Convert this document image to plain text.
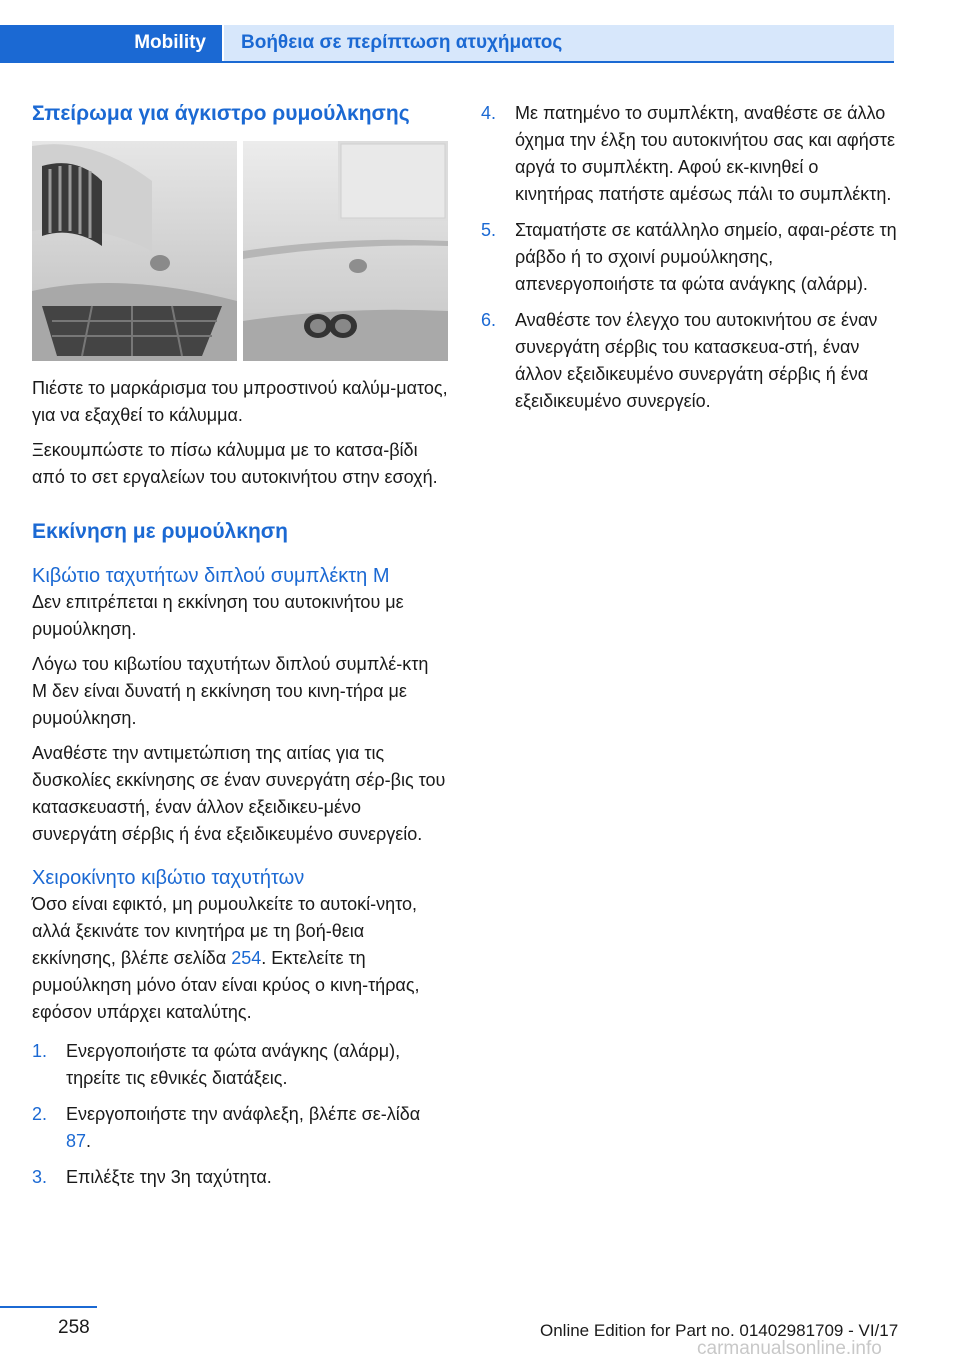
Mobility Βοήθεια σε περίπτωση ατυχήματος
Σπείρωμα για άγκιστρο ρυμούλκησης

Πιέστε το μαρκάρισμα του μπροστινού καλύμ-ματος, για να εξαχθεί το κάλυμμα.

Ξεκουμπώστε το πίσω κάλυμμα με το κατσα-βίδι από το σετ εργαλείων του αυτοκινήτου στην εσοχή.

Εκκίνηση με ρυμούλκηση
Κιβώτιο ταχυτήτων διπλού συμπλέκτη M

Δεν επιτρέπεται η εκκίνηση του αυτοκινήτου με ρυμούλκηση.

Λόγω του κιβωτίου ταχυτήτων διπλού συμπλέ-κτη M δεν είναι δυνατή η εκκίνηση του κινη-τήρα με ρυμούλκηση.

Αναθέστε την αντιμετώπιση της αιτίας για τις δυσκολίες εκκίνησης σε έναν συνεργάτη σέρ-βις του κατασκευαστή, έναν άλλον εξειδικευ-μένο συνεργάτη σέρβις ή ένα εξειδικευμένο συνεργείο.

Χειροκίνητο κιβώτιο ταχυτήτων

Όσο είναι εφικτό, μη ρυμουλκείτε το αυτοκί-νητο, αλλά ξεκινάτε τον κινητήρα με τη βοή-θεια εκκίνησης, βλέπε σελίδα 254. Εκτελείτε τη ρυμούλκηση μόνο όταν είναι κρύος ο κινη-τήρας, εφόσον υπάρχει καταλύτης.

1. Ενεργοποιήστε τα φώτα ανάγκης (αλάρμ), τηρείτε τις εθνικές διατάξεις.
2. Ενεργοποιήστε την ανάφλεξη, βλέπε σε-λίδα 87.
3. Επιλέξτε την 3η ταχύτητα.
4. Με πατημένο το συμπλέκτη, αναθέστε σε άλλο όχημα την έλξη του αυτοκινήτου σας και αφήστε αργά το συμπλέκτη. Αφού εκ-κινηθεί ο κινητήρας πατήστε αμέσως πάλι το συμπλέκτη.
5. Σταματήστε σε κατάλληλο σημείο, αφαι-ρέστε τη ράβδο ή το σχοινί ρυμούλκησης, απενεργοποιήστε τα φώτα ανάγκης (αλάρμ).
6. Αναθέστε τον έλεγχο του αυτοκινήτου σε έναν συνεργάτη σέρβις του κατασκευα-στή, έναν άλλον εξειδικευμένο συνεργάτη σέρβις ή ένα εξειδικευμένο συνεργείο.
258	Online Edition for Part no. 01402981709 - VI/17
carmanualsonline.info
